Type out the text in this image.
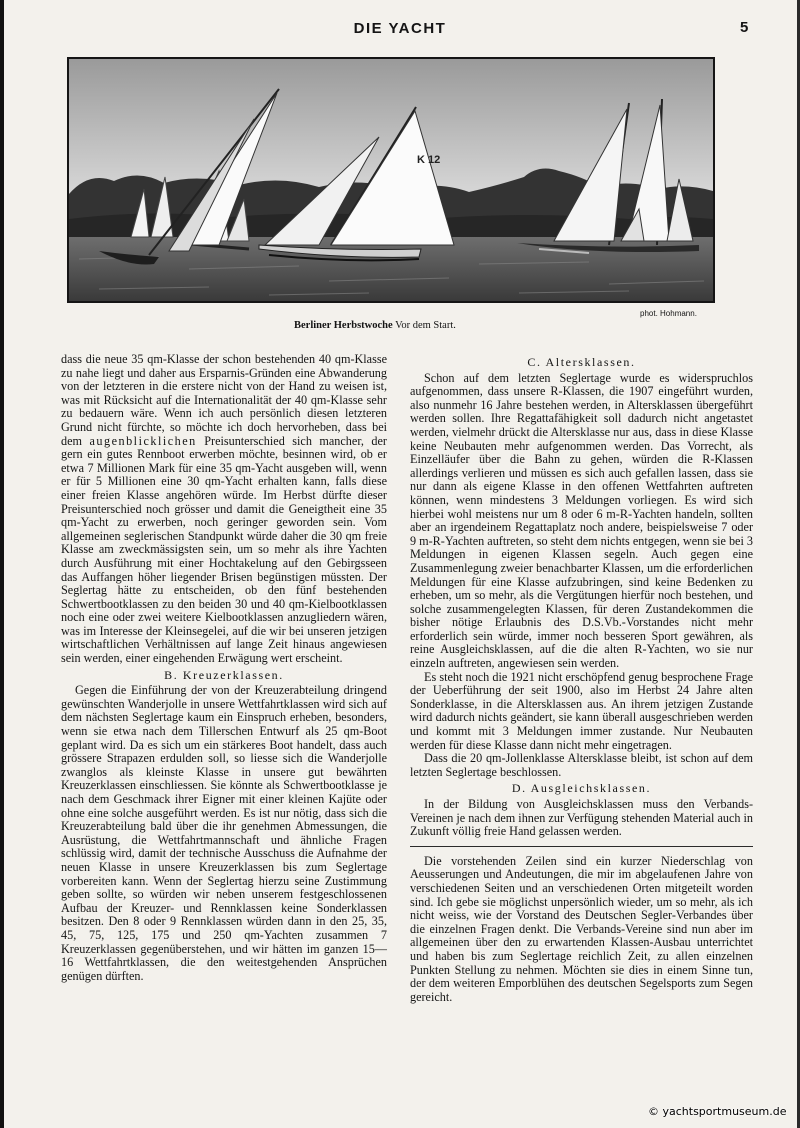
DIE YACHT	5
K 12
phot. Hohmann.
Berliner Herbstwoche Vor dem Start.

dass die neue 35 qm-Klasse der schon bestehenden 40 qm-Klasse zu nahe liegt und daher aus Ersparnis-Gründen eine Abwanderung von der letzteren in die erstere nicht von der Hand zu weisen ist, was mit Rücksicht auf die Internationalität der 40 qm-Klasse sehr zu bedauern wäre. Wenn ich auch persönlich diesen letzteren Grund nicht fürchte, so möchte ich doch hervorheben, dass bei dem augenblicklichen Preisunterschied sich mancher, der gern ein gutes Rennboot erwerben möchte, besinnen wird, ob er etwa 7 Millionen Mark für eine 35 qm-Yacht ausgeben will, wenn er für 5 Millionen eine 30 qm-Yacht erhalten kann, falls diese einer freien Klasse angehören würde. Im Herbst dürfte dieser Preisunterschied noch grösser und damit die Geneigtheit eine 35 qm-Yacht zu erwerben, noch geringer geworden sein. Vom allgemeinen seglerischen Standpunkt würde daher die 30 qm freie Klasse am zweckmässigsten sein, um so mehr als ihre Yachten durch Ausführung mit einer Hochtakelung auf den Gebirgsseen das Auffangen höher liegender Brisen begünstigen müssten. Der Seglertag hätte zu entscheiden, ob den fünf bestehenden Schwertbootklassen zu den beiden 30 und 40 qm-Kielbootklassen noch eine oder zwei weitere Kielbootklassen anzugliedern wären, was im Interesse der Kleinsegelei, auf die wir bei unseren jetzigen wirtschaftlichen Verhältnissen auf lange Zeit hinaus angewiesen sein werden, einer eingehenden Erwägung wert erscheint.

B. Kreuzerklassen.

Gegen die Einführung der von der Kreuzerabteilung dringend gewünschten Wanderjolle in unsere Wettfahrtklassen wird sich auf dem nächsten Seglertage kaum ein Einspruch erheben, besonders, wenn sie etwa nach dem Tillerschen Entwurf als 25 qm-Boot geplant wird. Da es sich um ein stärkeres Boot handelt, dass auch grössere Strapazen erdulden soll, so liesse sich die Wanderjolle zwanglos als kleinste Klasse in unsere gut bewährten Kreuzerklassen einschliessen. Sie könnte als Schwertbootklasse je nach dem Geschmack ihrer Eigner mit einer kleinen Kajüte oder ohne eine solche ausgeführt werden. Es ist nur nötig, dass sich die Kreuzerabteilung bald über die ihr genehmen Abmessungen, die Ausrüstung, die Wettfahrtmannschaft und ähnliche Fragen schlüssig wird, damit der technische Ausschuss die Aufnahme der neuen Klasse in unsere Kreuzerklassen bis zum Seglertage vorbereiten kann. Wenn der Seglertag hierzu seine Zustimmung geben sollte, so würden wir neben unserem festgeschlossenen Aufbau der Kreuzer- und Rennklassen keine Sonderklassen besitzen. Den 8 oder 9 Rennklassen würden dann in den 25, 35, 45, 75, 125, 175 und 250 qm-Yachten zusammen 7 Kreuzerklassen gegenüberstehen, und wir hätten im ganzen 15—16 Wettfahrtklassen, die den weitestgehenden Ansprüchen genügen dürften.

C. Altersklassen.

Schon auf dem letzten Seglertage wurde es widerspruchlos aufgenommen, dass unsere R-Klassen, die 1907 eingeführt wurden, also nunmehr 16 Jahre bestehen werden, in Altersklassen übergeführt werden sollen. Ihre Regattafähigkeit soll dadurch nicht angetastet werden, vielmehr drückt die Altersklasse nur aus, dass in diese Klasse keine Neubauten mehr aufgenommen werden. Das Vorrecht, als Einzelläufer über die Bahn zu gehen, würden die R-Klassen allerdings verlieren und müssen es sich auch gefallen lassen, dass sie nur dann als eigene Klasse in den offenen Wettfahrten auftreten können, wenn mindestens 3 Meldungen vorliegen. Es wird sich hierbei wohl meistens nur um 8 oder 6 m-R-Yachten handeln, sollten aber an irgendeinem Regattaplatz noch andere, beispielsweise 7 oder 9 m-R-Yachten auftreten, so steht dem nichts entgegen, wenn sie bei 3 Meldungen in eigenen Klassen segeln. Auch gegen eine Zusammenlegung zweier benachbarter Klassen, um die erforderlichen Meldungen für eine Klasse aufzubringen, sind keine Bedenken zu erheben, um so mehr, als die Vergütungen hierfür noch bestehen, und solche zusammengelegten Klassen, für deren Zustandekommen die bisher nötige Erlaubnis des D.S.Vb.-Vorstandes nicht mehr erforderlich sein würde, immer noch besseren Sport gewähren, als reine Ausgleichsklassen, auf die die alten R-Yachten, wo sie nur einzeln auftreten, angewiesen sein werden.

Es steht noch die 1921 nicht erschöpfend genug besprochene Frage der Ueberführung der seit 1900, also im Herbst 24 Jahre alten Sonderklasse, in die Altersklassen aus. An ihrem jetzigen Zustande wird dadurch nichts geändert, sie kann überall ausgeschrieben werden und kommt mit 3 Meldungen immer zustande. Nur Neubauten werden für diese Klasse dann nicht mehr eingetragen.

Dass die 20 qm-Jollenklasse Altersklasse bleibt, ist schon auf dem letzten Seglertage beschlossen.

D. Ausgleichsklassen.

In der Bildung von Ausgleichsklassen muss den Verbands-Vereinen je nach dem ihnen zur Verfügung stehenden Material auch in Zukunft völlig freie Hand gelassen werden.

Die vorstehenden Zeilen sind ein kurzer Niederschlag von Aeusserungen und Andeutungen, die mir im abgelaufenen Jahre von verschiedenen Seiten und an verschiedenen Orten mitgeteilt worden sind. Ich gebe sie möglichst unpersönlich wieder, um so mehr, als ich nicht weiss, wie der Vorstand des Deutschen Segler-Verbandes über die einzelnen Fragen denkt. Die Verbands-Vereine sind nun aber im allgemeinen über den zu erwartenden Klassen-Ausbau unterrichtet und haben bis zum Seglertage reichlich Zeit, zu allen einzelnen Punkten Stellung zu nehmen. Möchten sie dies in einem Sinne tun, der dem weiteren Emporblühen des deutschen Segelsports zum Segen gereicht.

© yachtsportmuseum.de
